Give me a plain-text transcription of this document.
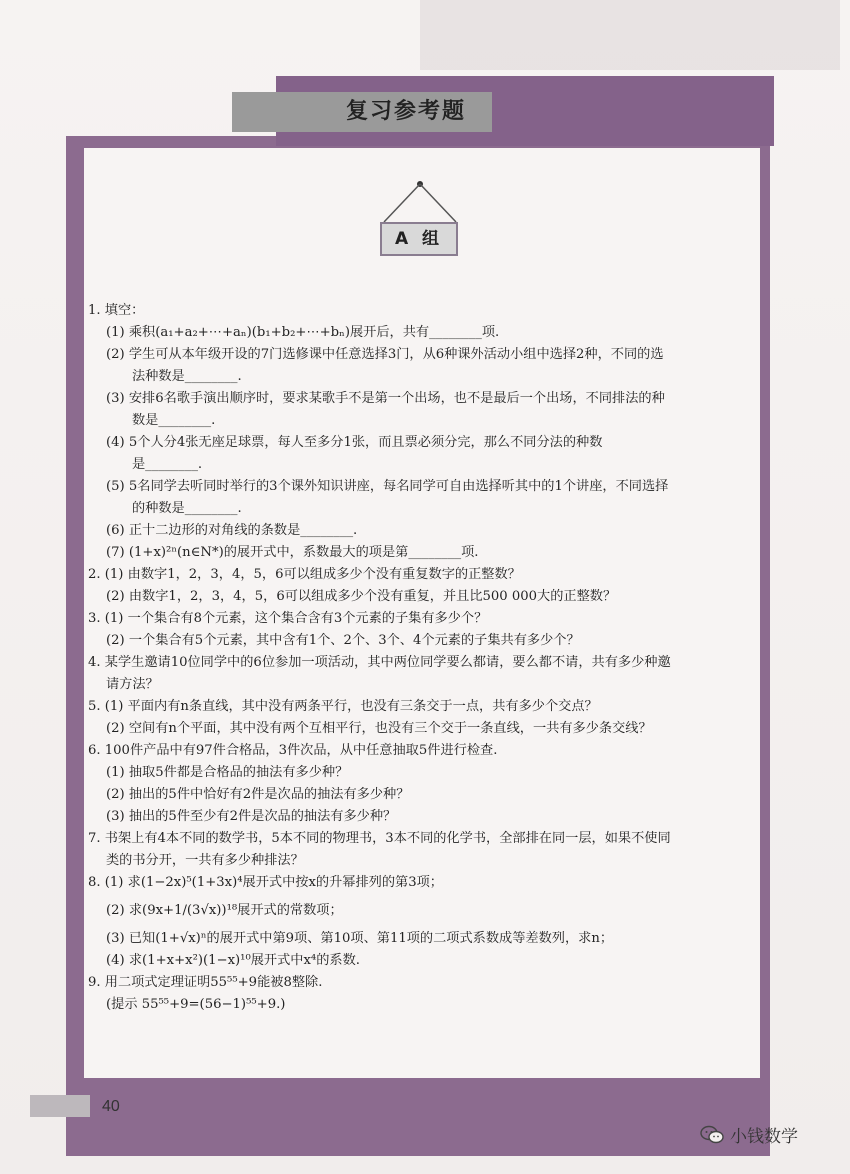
复习参考题
A 组
1. 填空：
(1) 乘积(a₁+a₂+⋯+aₙ)(b₁+b₂+⋯+bₙ)展开后，共有________项.
(2) 学生可从本年级开设的7门选修课中任意选择3门，从6种课外活动小组中选择2种，不同的选
法种数是________.
(3) 安排6名歌手演出顺序时，要求某歌手不是第一个出场，也不是最后一个出场，不同排法的种
数是________.
(4) 5个人分4张无座足球票，每人至多分1张，而且票必须分完，那么不同分法的种数
是________.
(5) 5名同学去听同时举行的3个课外知识讲座，每名同学可自由选择听其中的1个讲座，不同选择
的种数是________.
(6) 正十二边形的对角线的条数是________.
(7) (1+x)²ⁿ(n∈N*)的展开式中，系数最大的项是第________项.
2. (1) 由数字1，2，3，4，5，6可以组成多少个没有重复数字的正整数？
(2) 由数字1，2，3，4，5，6可以组成多少个没有重复，并且比500 000大的正整数？
3. (1) 一个集合有8个元素，这个集合含有3个元素的子集有多少个？
(2) 一个集合有5个元素，其中含有1个、2个、3个、4个元素的子集共有多少个？
4. 某学生邀请10位同学中的6位参加一项活动，其中两位同学要么都请，要么都不请，共有多少种邀
请方法？
5. (1) 平面内有n条直线，其中没有两条平行，也没有三条交于一点，共有多少个交点？
(2) 空间有n个平面，其中没有两个互相平行，也没有三个交于一条直线，一共有多少条交线？
6. 100件产品中有97件合格品，3件次品，从中任意抽取5件进行检查.
(1) 抽取5件都是合格品的抽法有多少种？
(2) 抽出的5件中恰好有2件是次品的抽法有多少种？
(3) 抽出的5件至少有2件是次品的抽法有多少种？
7. 书架上有4本不同的数学书，5本不同的物理书，3本不同的化学书，全部排在同一层，如果不使同
类的书分开，一共有多少种排法？
8. (1) 求(1−2x)⁵(1+3x)⁴展开式中按x的升幂排列的第3项；
(2) 求(9x+1/(3√x))¹⁸展开式的常数项；
(3) 已知(1+√x)ⁿ的展开式中第9项、第10项、第11项的二项式系数成等差数列，求n；
(4) 求(1+x+x²)(1−x)¹⁰展开式中x⁴的系数.
9. 用二项式定理证明55⁵⁵+9能被8整除.
(提示 55⁵⁵+9=(56−1)⁵⁵+9.)
40
小钱数学
